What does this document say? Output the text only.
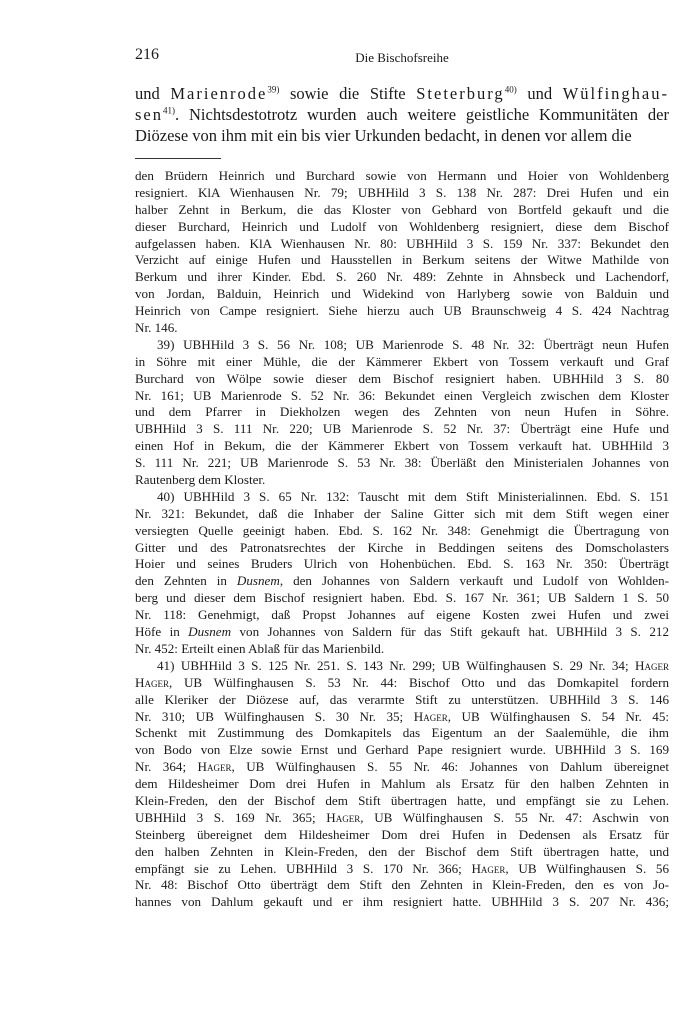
216	Die Bischofsreihe
und Marienrode$^{39)}$ sowie die Stifte Steterburg$^{40)}$ und Wülfinghau- sen$^{41)}$. Nichtsdestotrotz wurden auch weitere geistliche Kommunitäten der Diözese von ihm mit ein bis vier Urkunden bedacht, in denen vor allem die
den Brüdern Heinrich und Burchard sowie von Hermann und Hoier von Wohldenberg
resigniert. KlA Wienhausen Nr. 79; UBHHild 3 S. 138 Nr. 287: Drei Hufen und ein
halber Zehnt in Berkum, die das Kloster von Gebhard von Bortfeld gekauft und die
dieser Burchard, Heinrich und Ludolf von Wohldenberg resigniert, diese dem Bischof
aufgelassen haben. KlA Wienhausen Nr. 80: UBHHild 3 S. 159 Nr. 337: Bekundet den
Verzicht auf einige Hufen und Hausstellen in Berkum seitens der Witwe Mathilde von
Berkum und ihrer Kinder. Ebd. S. 260 Nr. 489: Zehnte in Ahnsbeck und Lachendorf,
von Jordan, Balduin, Heinrich und Widekind von Harlyberg sowie von Balduin und
Heinrich von Campe resigniert. Siehe hierzu auch UB Braunschweig 4 S. 424 Nachtrag
Nr. 146.
39) UBHHild 3 S. 56 Nr. 108; UB Marienrode S. 48 Nr. 32: Überträgt neun Hufen
in Söhre mit einer Mühle, die der Kämmerer Ekbert von Tossem verkauft und Graf
Burchard von Wölpe sowie dieser dem Bischof resigniert haben. UBHHild 3 S. 80
Nr. 161; UB Marienrode S. 52 Nr. 36: Bekundet einen Vergleich zwischen dem Kloster
und dem Pfarrer in Diekholzen wegen des Zehnten von neun Hufen in Söhre.
UBHHild 3 S. 111 Nr. 220; UB Marienrode S. 52 Nr. 37: Überträgt eine Hufe und
einen Hof in Bekum, die der Kämmerer Ekbert von Tossem verkauft hat. UBHHild 3
S. 111 Nr. 221; UB Marienrode S. 53 Nr. 38: Überläßt den Ministerialen Johannes von
Rautenberg dem Kloster.
40) UBHHild 3 S. 65 Nr. 132: Tauscht mit dem Stift Ministerialinnen. Ebd. S. 151
Nr. 321: Bekundet, daß die Inhaber der Saline Gitter sich mit dem Stift wegen einer
versiegten Quelle geeinigt haben. Ebd. S. 162 Nr. 348: Genehmigt die Übertragung von
Gitter und des Patronatsrechtes der Kirche in Beddingen seitens des Domscholasters
Hoier und seines Bruders Ulrich von Hohenbüchen. Ebd. S. 163 Nr. 350: Überträgt
den Zehnten in Dusnem, den Johannes von Saldern verkauft und Ludolf von Wohlden-
berg und dieser dem Bischof resigniert haben. Ebd. S. 167 Nr. 361; UB Saldern 1 S. 50
Nr. 118: Genehmigt, daß Propst Johannes auf eigene Kosten zwei Hufen und zwei
Höfe in Dusnem von Johannes von Saldern für das Stift gekauft hat. UBHHild 3 S. 212
Nr. 452: Erteilt einen Ablaß für das Marienbild.
41) UBHHild 3 S. 125 Nr. 251. S. 143 Nr. 299; UB Wülfinghausen S. 29 Nr. 34; Hager
Hager, UB Wülfinghausen S. 53 Nr. 44: Bischof Otto und das Domkapitel fordern
alle Kleriker der Diözese auf, das verarmte Stift zu unterstützen. UBHHild 3 S. 146
Nr. 310; UB Wülfinghausen S. 30 Nr. 35; Hager, UB Wülfinghausen S. 54 Nr. 45:
Schenkt mit Zustimmung des Domkapitels das Eigentum an der Saalemühle, die ihm
von Bodo von Elze sowie Ernst und Gerhard Pape resigniert wurde. UBHHild 3 S. 169
Nr. 364; Hager, UB Wülfinghausen S. 55 Nr. 46: Johannes von Dahlum übereignet
dem Hildesheimer Dom drei Hufen in Mahlum als Ersatz für den halben Zehnten in
Klein-Freden, den der Bischof dem Stift übertragen hatte, und empfängt sie zu Lehen.
UBHHild 3 S. 169 Nr. 365; Hager, UB Wülfinghausen S. 55 Nr. 47: Aschwin von
Steinberg übereignet dem Hildesheimer Dom drei Hufen in Dedensen als Ersatz für
den halben Zehnten in Klein-Freden, den der Bischof dem Stift übertragen hatte, und
empfängt sie zu Lehen. UBHHild 3 S. 170 Nr. 366; Hager, UB Wülfinghausen S. 56
Nr. 48: Bischof Otto überträgt dem Stift den Zehnten in Klein-Freden, den es von Jo-
hannes von Dahlum gekauft und er ihm resigniert hatte. UBHHild 3 S. 207 Nr. 436;
